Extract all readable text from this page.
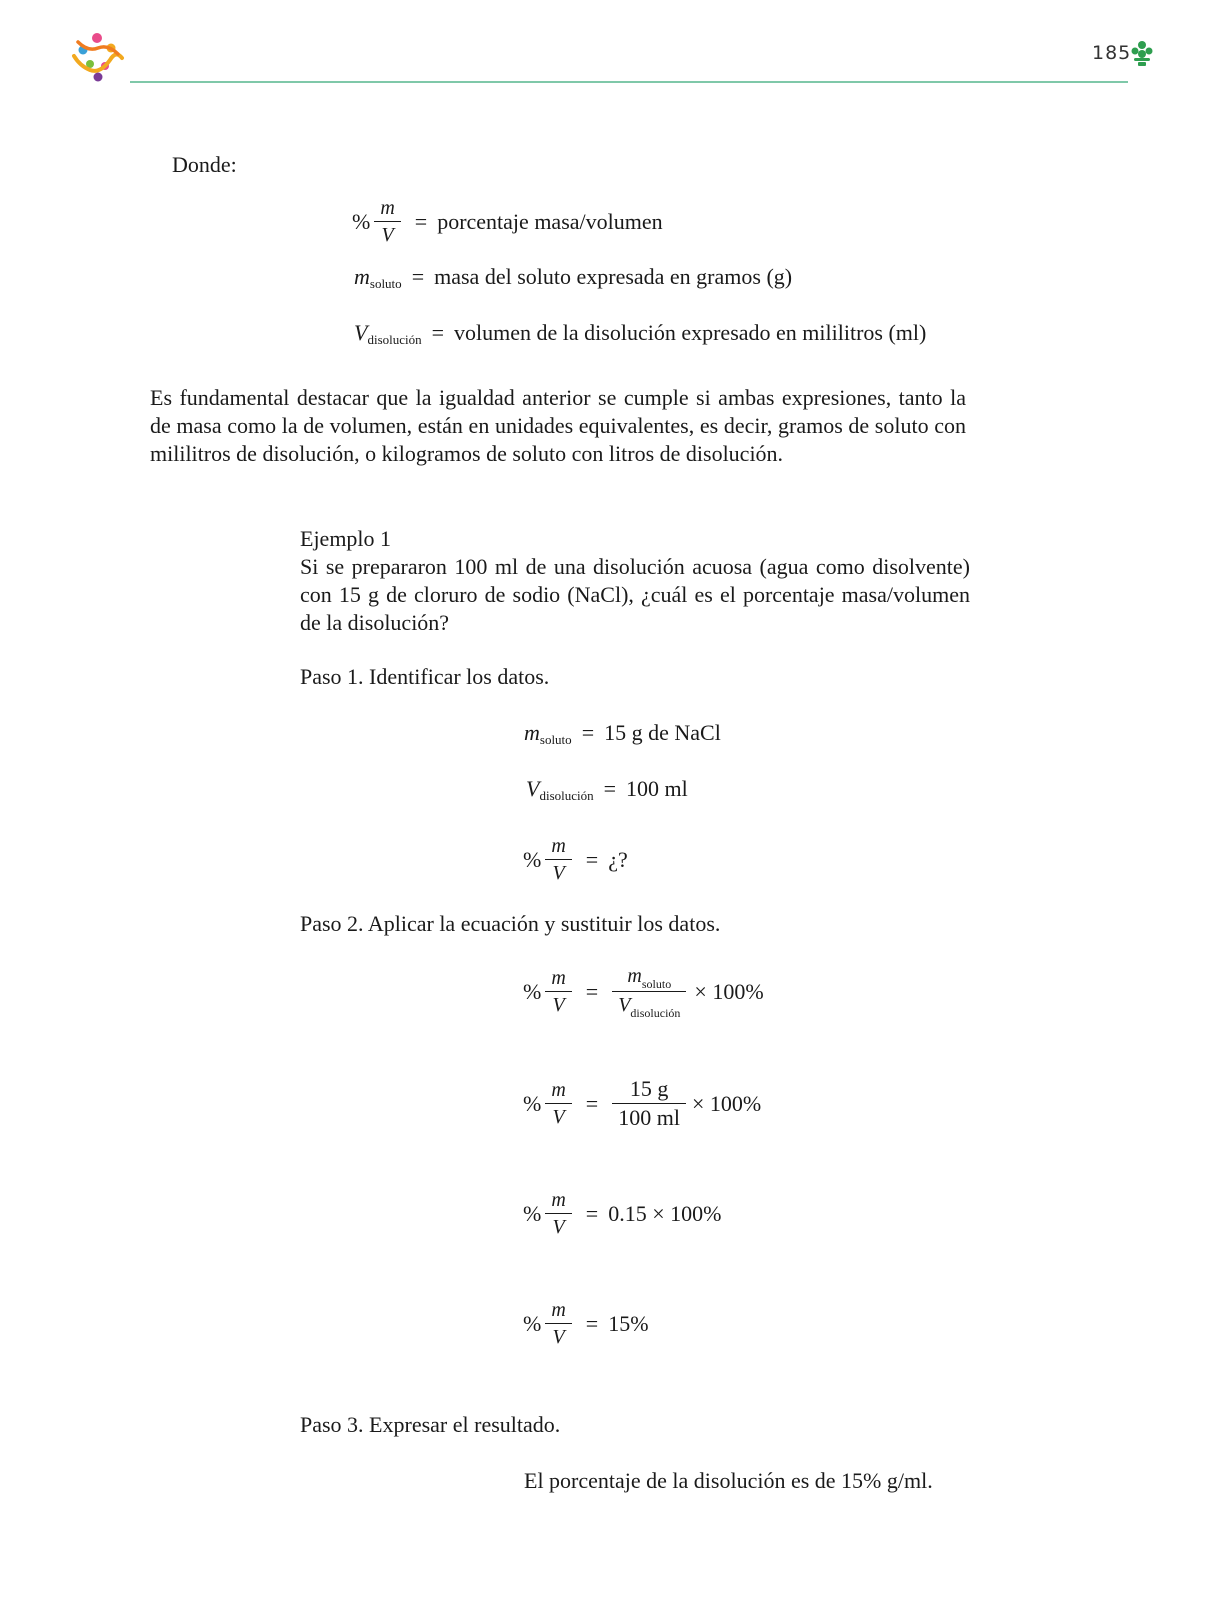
185
Donde:
% $\frac{m}{V}$ = porcentaje masa/volumen
m soluto = masa del soluto expresada en gramos (g)
V disolución = volumen de la disolución expresado en mililitros (ml)
Es fundamental destacar que la igualdad anterior se cumple si ambas expresiones, tanto la de masa como la de volumen, están en unidades equivalentes, es decir, gramos de soluto con mililitros de disolución, o kilogramos de soluto con litros de disolución.
Ejemplo 1
Si se prepararon 100 ml de una disolución acuosa (agua como disolvente) con 15 g de cloruro de sodio (NaCl), ¿cuál es el porcentaje masa/volumen de la disolución?
Paso 1. Identificar los datos.
m soluto = 15 g de NaCl
V disolución = 100 ml
% $\frac{m}{V}$ = ¿?
Paso 2. Aplicar la ecuación y sustituir los datos.
% $\frac{m}{V} = \frac{m_{soluto}}{V_{disolución}} \times 100\%$
% $\frac{m}{V} = \frac{15 g}{100 ml} \times 100\%$
% $\frac{m}{V} = 0.15 \times 100\%$
% $\frac{m}{V} = 15\%$
Paso 3. Expresar el resultado.
El porcentaje de la disolución es de 15% g/ml.
